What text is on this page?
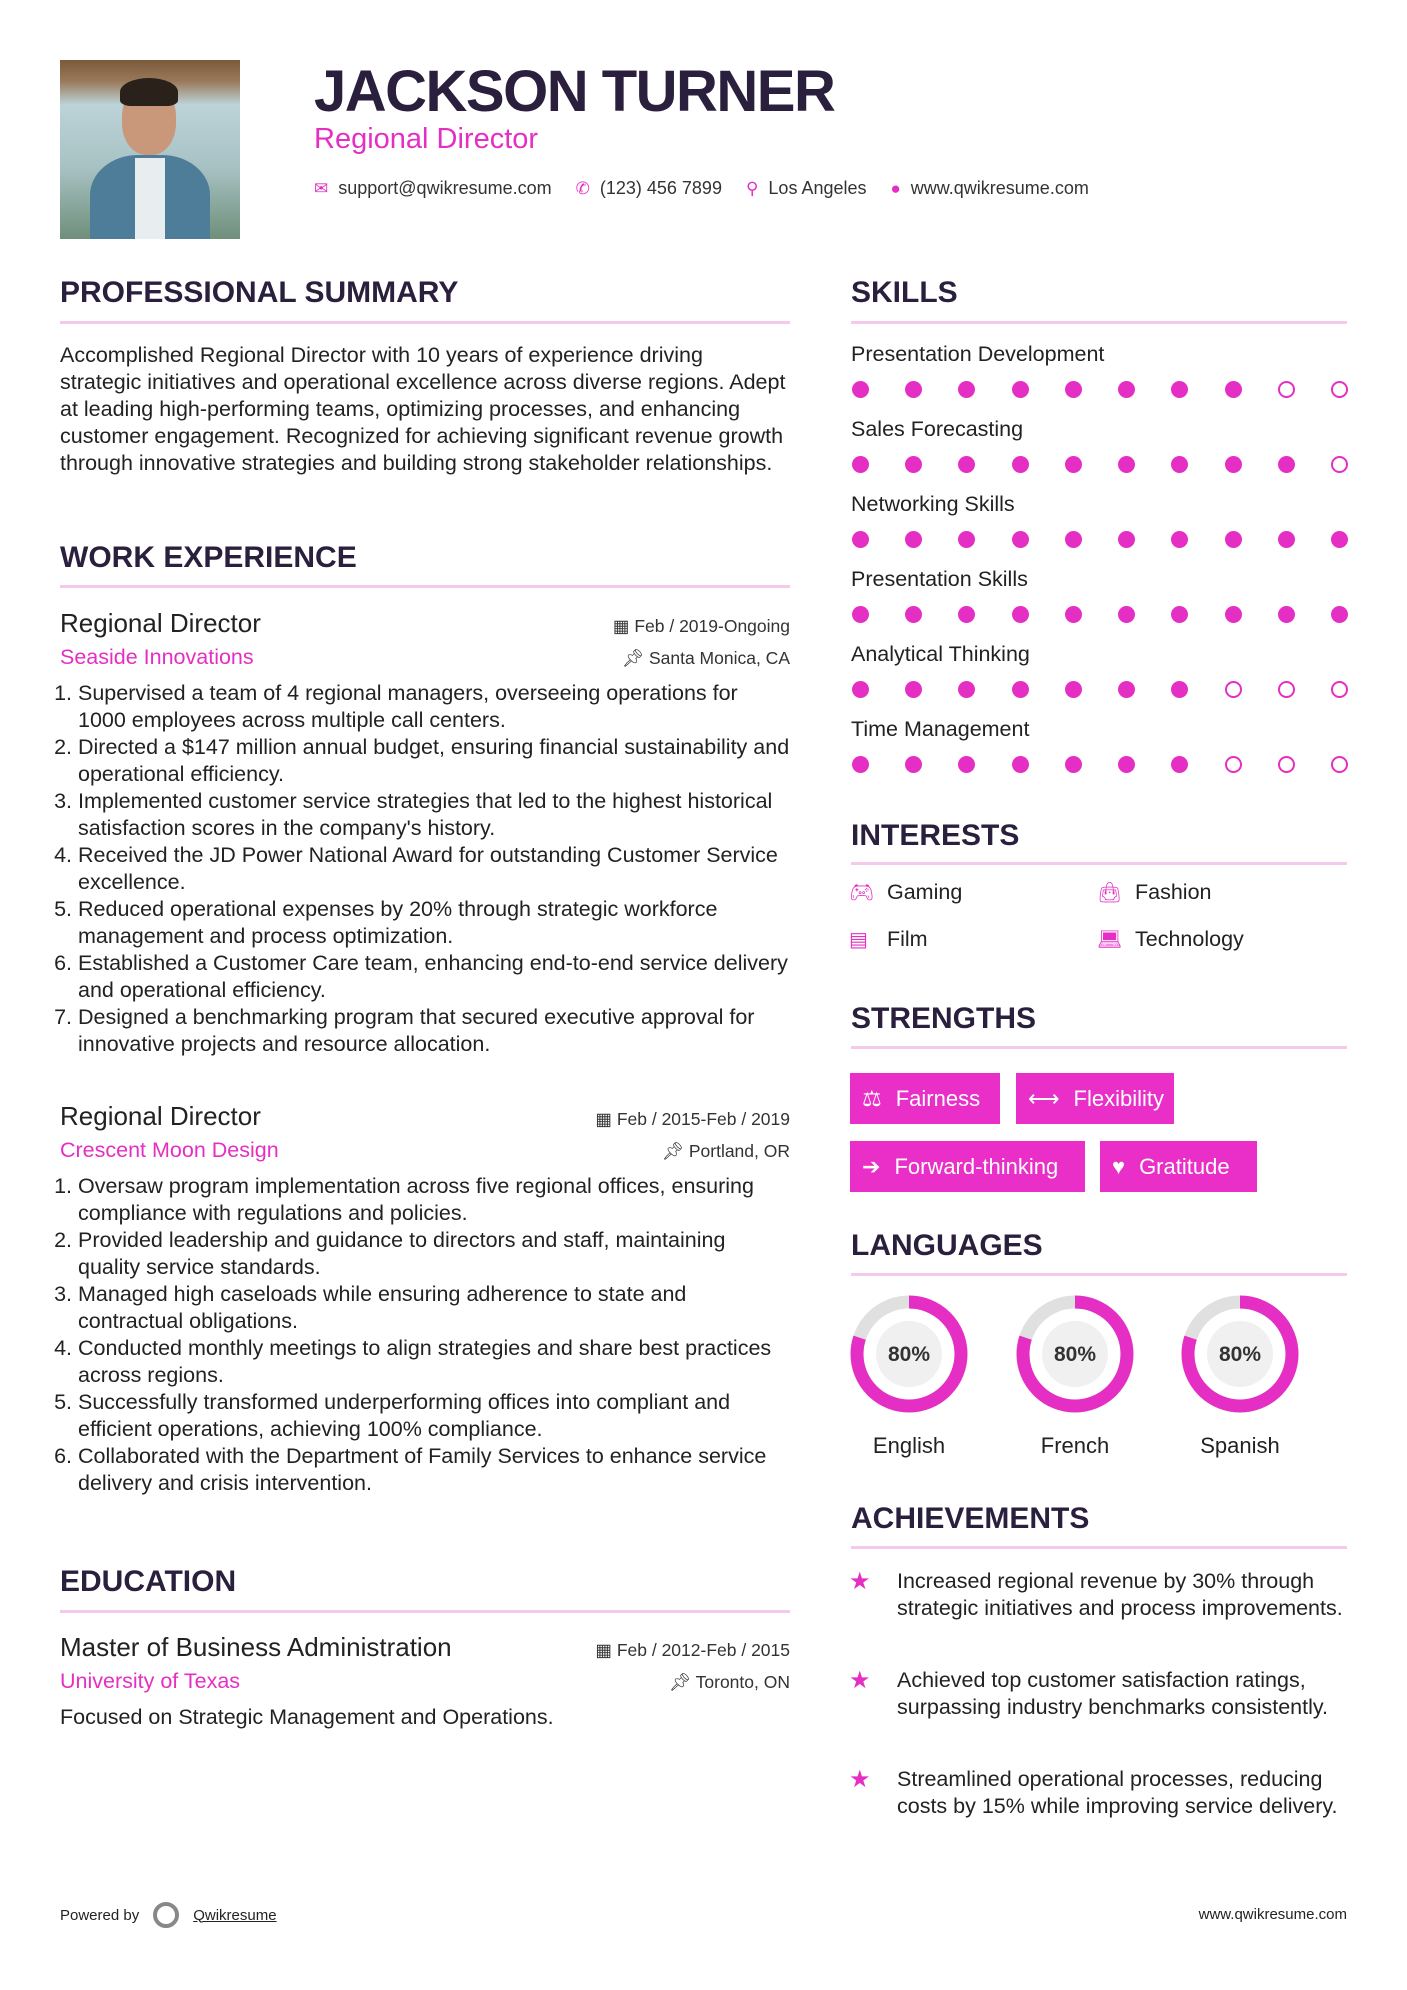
JACKSON TURNER
Regional Director
✉ support@qwikresume.com ✆ (123) 456 7899 ⚲ Los Angeles ● www.qwikresume.com
PROFESSIONAL SUMMARY
Accomplished Regional Director with 10 years of experience driving strategic initiatives and operational excellence across diverse regions. Adept at leading high-performing teams, optimizing processes, and enhancing customer engagement. Recognized for achieving significant revenue growth through innovative strategies and building strong stakeholder relationships.
WORK EXPERIENCE
Regional Director	▦ Feb / 2019-Ongoing
Seaside Innovations	📌︎ Santa Monica, CA
1. Supervised a team of 4 regional managers, overseeing operations for 1000 employees across multiple call centers.
2. Directed a $147 million annual budget, ensuring financial sustainability and operational efficiency.
3. Implemented customer service strategies that led to the highest historical satisfaction scores in the company's history.
4. Received the JD Power National Award for outstanding Customer Service excellence.
5. Reduced operational expenses by 20% through strategic workforce management and process optimization.
6. Established a Customer Care team, enhancing end-to-end service delivery and operational efficiency.
7. Designed a benchmarking program that secured executive approval for innovative projects and resource allocation.
Regional Director	▦ Feb / 2015-Feb / 2019
Crescent Moon Design	📌︎ Portland, OR
1. Oversaw program implementation across five regional offices, ensuring compliance with regulations and policies.
2. Provided leadership and guidance to directors and staff, maintaining quality service standards.
3. Managed high caseloads while ensuring adherence to state and contractual obligations.
4. Conducted monthly meetings to align strategies and share best practices across regions.
5. Successfully transformed underperforming offices into compliant and efficient operations, achieving 100% compliance.
6. Collaborated with the Department of Family Services to enhance service delivery and crisis intervention.
EDUCATION
Master of Business Administration	▦ Feb / 2012-Feb / 2015
University of Texas	📌︎ Toronto, ON
Focused on Strategic Management and Operations.
SKILLS
Presentation Development
Sales Forecasting
Networking Skills
Presentation Skills
Analytical Thinking
Time Management
INTERESTS
🎮︎ Gaming	👜︎ Fashion
▤ Film	💻︎ Technology
STRENGTHS
⚖ Fairness ⟷ Flexibility
➔ Forward-thinking ♥ Gratitude
LANGUAGES
80%
English
80%
French
80%
Spanish
ACHIEVEMENTS
★	Increased regional revenue by 30% through strategic initiatives and process improvements.
★	Achieved top customer satisfaction ratings, surpassing industry benchmarks consistently.
★	Streamlined operational processes, reducing costs by 15% while improving service delivery.
Powered by	Qwikresume	www.qwikresume.com
